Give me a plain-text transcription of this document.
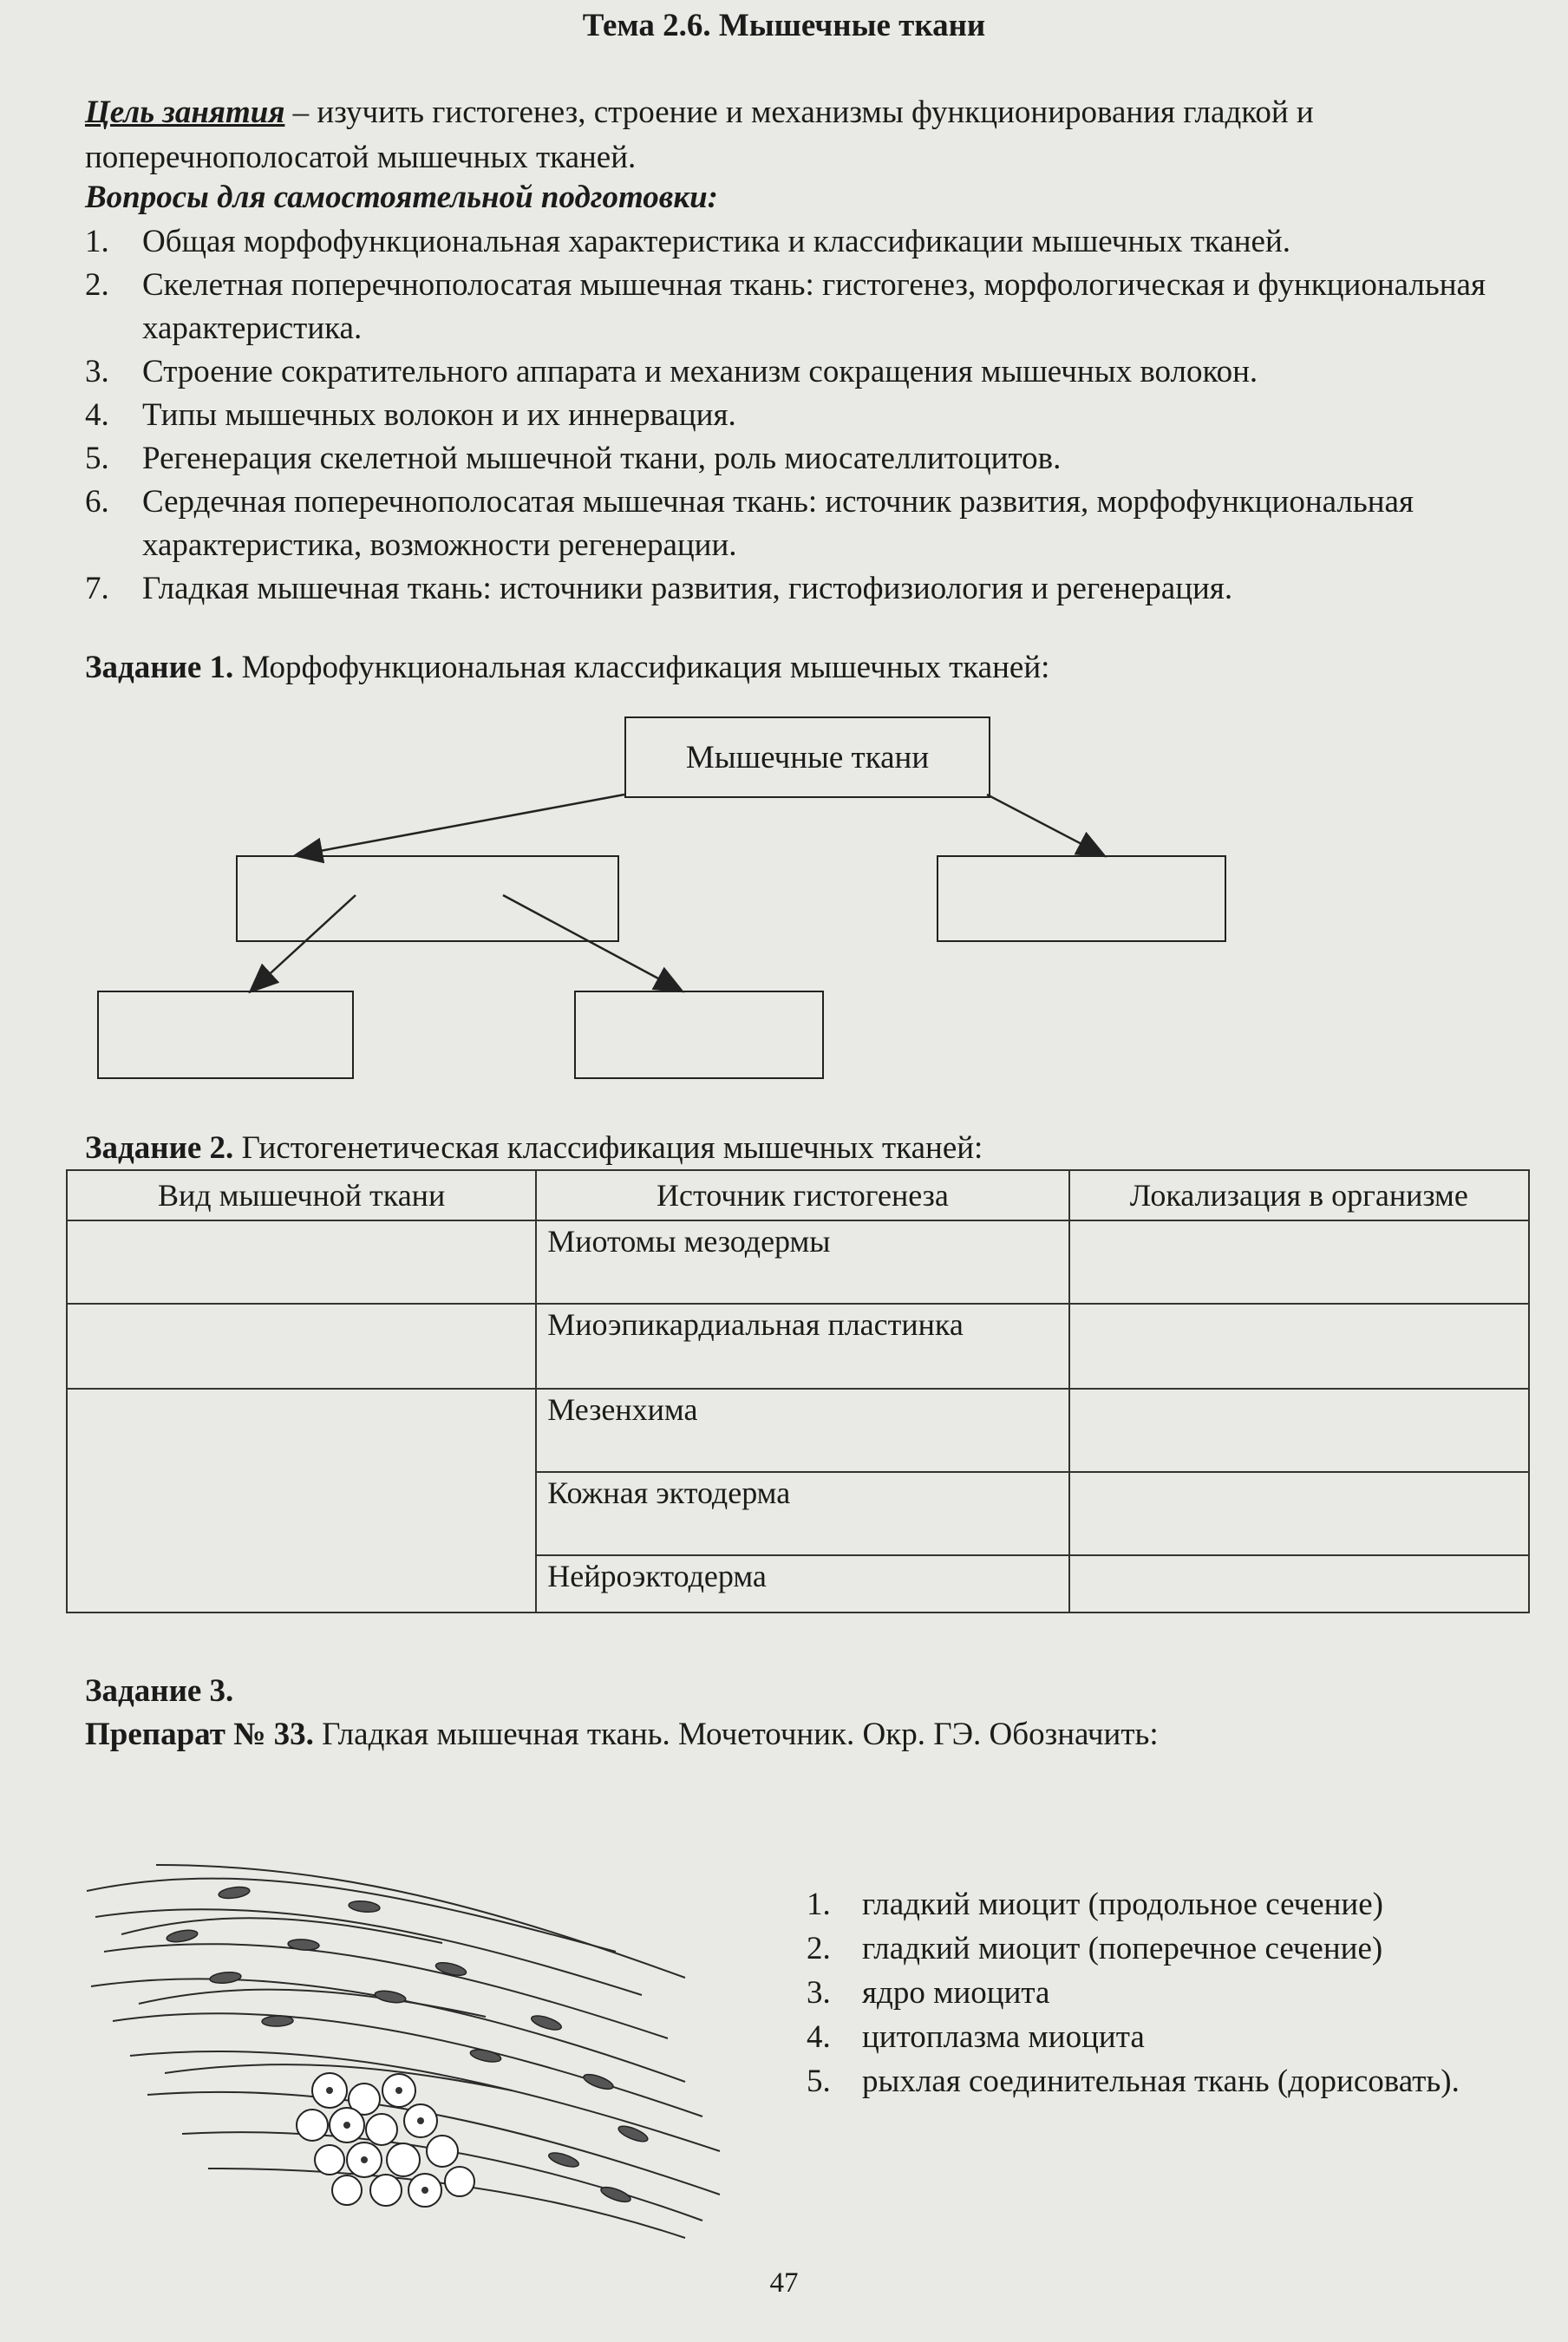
Тема 2.6. Мышечные ткани
Цель занятия – изучить гистогенез, строение и механизмы функционирования гладкой и поперечнополосатой мышечных тканей.
Вопросы для самостоятельной подготовки:
1.	Общая морфофункциональная характеристика и классификации мышечных тканей.
2.	Скелетная поперечнополосатая мышечная ткань: гистогенез, морфологическая и функциональная характеристика.
3.	Строение сократительного аппарата и механизм сокращения мышечных волокон.
4.	Типы мышечных волокон и их иннервация.
5.	Регенерация скелетной мышечной ткани, роль миосателлитоцитов.
6.	Сердечная поперечнополосатая мышечная ткань: источник развития, морфофункциональная характеристика, возможности регенерации.
7.	Гладкая мышечная ткань: источники развития, гистофизиология и регенерация.
Задание 1. Морфофункциональная классификация мышечных тканей:
Мышечные ткани
Задание 2. Гистогенетическая классификация мышечных тканей:
Вид мышечной ткани	Источник гистогенеза	Локализация в организме
	Миотомы мезодермы	
	Миоэпикардиальная пластинка	
	Мезенхима	
	Кожная эктодерма	
	Нейроэктодерма	
Задание 3.
Препарат № 33. Гладкая мышечная ткань. Мочеточник. Окр. ГЭ. Обозначить:
1. гладкий миоцит (продольное сечение)
2. гладкий миоцит (поперечное сечение)
3. ядро миоцита
4. цитоплазма миоцита
5. рыхлая соединительная ткань (дорисовать).
47
